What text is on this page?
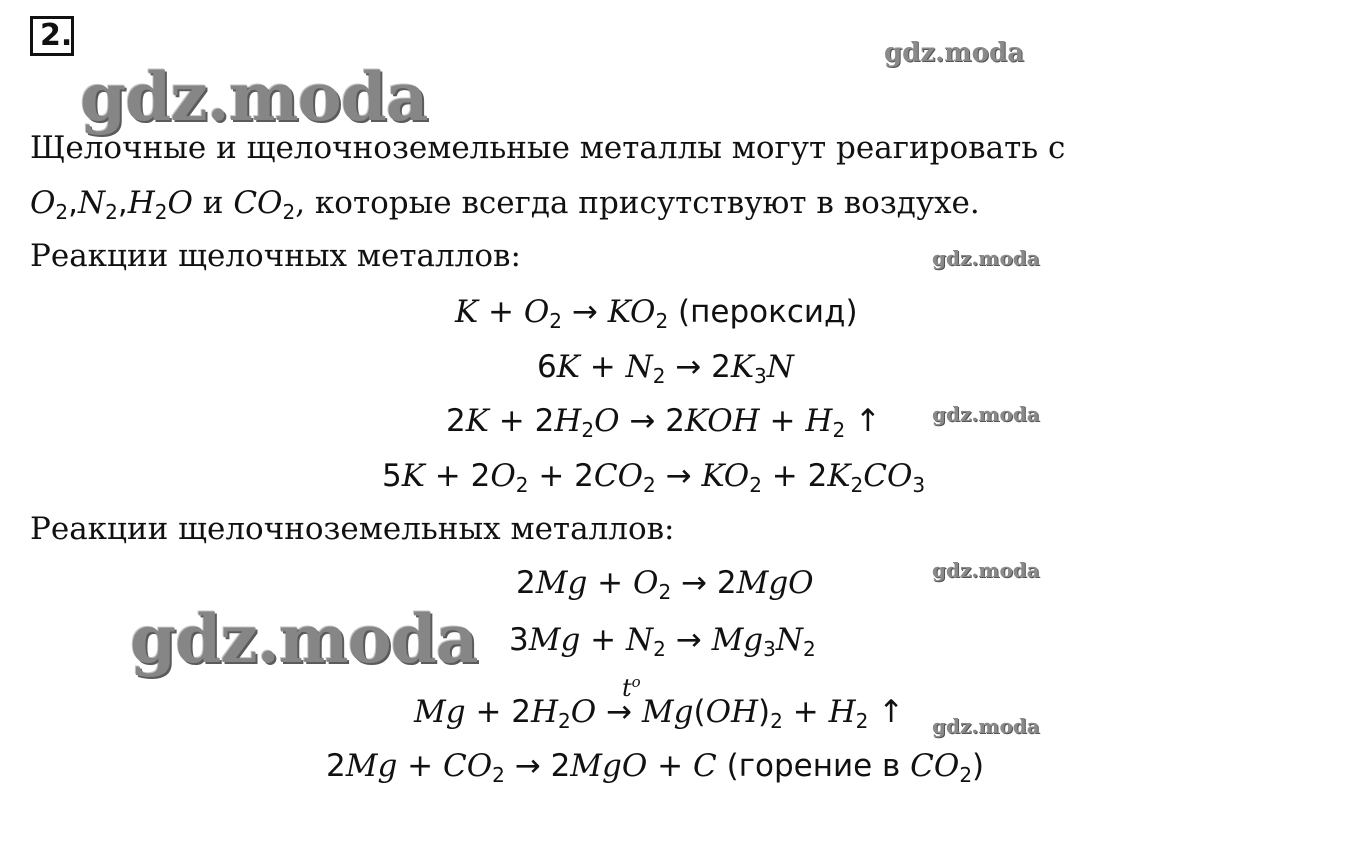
2.
gdz.moda
gdz.moda
gdz.moda
gdz.moda
gdz.moda
gdz.moda
Щелочные и щелочноземельные металлы могут реагировать с
$O_2,N_2,H_2O$ и $CO_2$, которые всегда присутствуют в воздухе.
Реакции щелочных металлов:
$K + O_2 \to KO_2$ (пероксид)
$6K + N_2 \to 2K_3N$
$2K + 2H_2O \to 2KOH + H_2$ ↑
$5K + 2O_2 + 2CO_2 \to KO_2 + 2K_2CO_3$
Реакции щелочноземельных металлов:
$2Mg + O_2 \to 2MgO$
gdz.moda $3Mg + N_2 \to Mg_3N_2$
$t^o$
$Mg + 2H_2O \to Mg(OH)_2 + H_2$ ↑
$2Mg + CO_2 \to 2MgO + C$ (горение в $CO_2$)
